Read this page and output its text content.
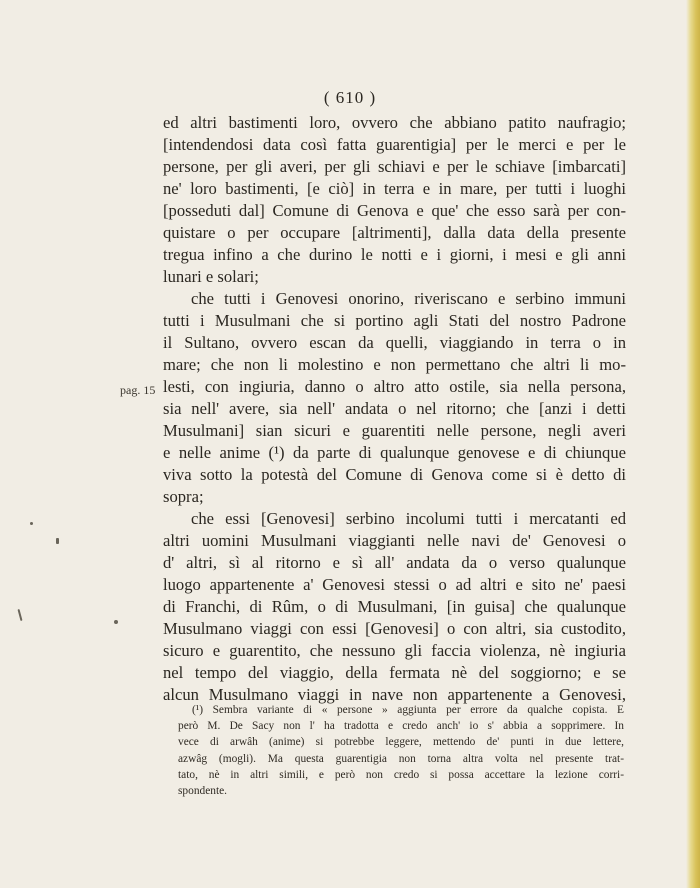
( 610 )
pag. 15
ed altri bastimenti loro, ovvero che abbiano patito naufragio;
[intendendosi data così fatta guarentigia] per le merci e per le
persone, per gli averi, per gli schiavi e per le schiave [imbarcati]
ne' loro bastimenti, [e ciò] in terra e in mare, per tutti i luoghi
[posseduti dal] Comune di Genova e que' che esso sarà per con-
quistare o per occupare [altrimenti], dalla data della presente
tregua infino a che durino le notti e i giorni, i mesi e gli anni
lunari e solari;
che tutti i Genovesi onorino, riveriscano e serbino immuni
tutti i Musulmani che si portino agli Stati del nostro Padrone
il Sultano, ovvero escan da quelli, viaggiando in terra o in
mare; che non li molestino e non permettano che altri li mo-
lesti, con ingiuria, danno o altro atto ostile, sia nella persona,
sia nell' avere, sia nell' andata o nel ritorno; che [anzi i detti
Musulmani] sian sicuri e guarentiti nelle persone, negli averi
e nelle anime (¹) da parte di qualunque genovese e di chiunque
viva sotto la potestà del Comune di Genova come si è detto di
sopra;
che essi [Genovesi] serbino incolumi tutti i mercatanti ed
altri uomini Musulmani viaggianti nelle navi de' Genovesi o
d' altri, sì al ritorno e sì all' andata da o verso qualunque
luogo appartenente a' Genovesi stessi o ad altri e sito ne' paesi
di Franchi, di Rûm, o di Musulmani, [in guisa] che qualunque
Musulmano viaggi con essi [Genovesi] o con altri, sia custodito,
sicuro e guarentito, che nessuno gli faccia violenza, nè ingiuria
nel tempo del viaggio, della fermata nè del soggiorno; e se
alcun Musulmano viaggi in nave non appartenente a Genovesi,
(¹) Sembra variante di « persone » aggiunta per errore da qualche copista. E
però M. De Sacy non l' ha tradotta e credo anch' io s' abbia a sopprimere. In
vece di arwâh (anime) si potrebbe leggere, mettendo de' punti in due lettere,
azwâg (mogli). Ma questa guarentigia non torna altra volta nel presente trat-
tato, nè in altri simili, e però non credo si possa accettare la lezione corri-
spondente.
